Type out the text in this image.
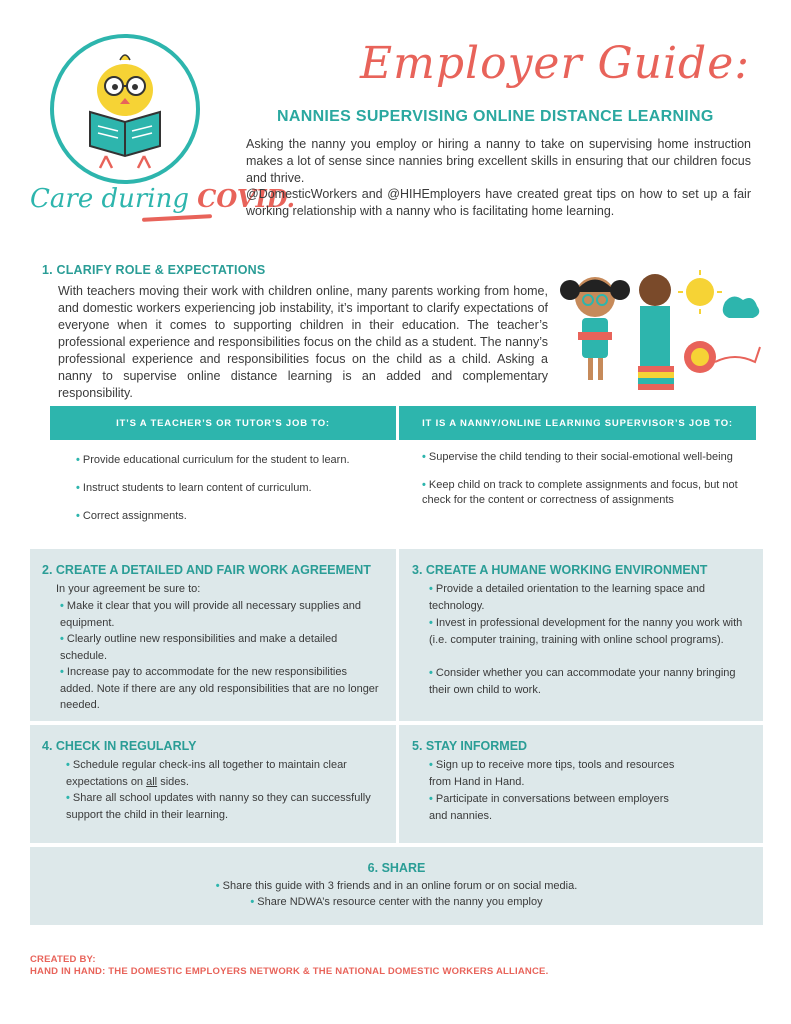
Care during COVID.
Employer Guide:
NANNIES SUPERVISING ONLINE DISTANCE LEARNING
Asking the nanny you employ or hiring a nanny to take on supervising home instruction makes a lot of sense since nannies bring excellent skills in ensuring that our children focus and thrive.
@DomesticWorkers and @HIHEmployers have created great tips on how to set up a fair working relationship with a nanny who is facilitating home learning.
1. CLARIFY ROLE & EXPECTATIONS
With teachers moving their work with children online, many parents working from home, and domestic workers experiencing job instability, it’s important to clarify expectations of everyone when it comes to supporting children in their education. The teacher’s professional experience and responsibilities focus on the child as a student. The nanny’s professional experience and responsibilities focus on the child as a child. Asking a nanny to supervise online distance learning is an added and complementary responsibility.
IT’S A TEACHER’S OR TUTOR’S JOB TO:	IT IS A NANNY/ONLINE LEARNING SUPERVISOR’S JOB TO:
• Provide educational curriculum for the student to learn.
• Instruct students to learn content of curriculum.
• Correct assignments.
• Supervise the child tending to their social-emotional well-being
• Keep child on track to complete assignments and focus, but not check for the content or correctness of assignments
2. CREATE A DETAILED AND FAIR WORK AGREEMENT
In your agreement be sure to:
• Make it clear that you will provide all necessary supplies and equipment.
• Clearly outline new responsibilities and make a detailed schedule.
• Increase pay to accommodate for the new responsibilities added. Note if there are any old responsibilities that are no longer needed.
3. CREATE A HUMANE WORKING ENVIRONMENT
• Provide a detailed orientation to the learning space and technology.
• Invest in professional development for the nanny you work with (i.e. computer training, training with online school programs).
• Consider whether you can accommodate your nanny bringing their own child to work.
4. CHECK IN REGULARLY
• Schedule regular check-ins all together to maintain clear expectations on all sides.
• Share all school updates with nanny so they can successfully support the child in their learning.
5. STAY INFORMED
• Sign up to receive more tips, tools and resources from Hand in Hand.
• Participate in conversations between employers and nannies.
6. SHARE
• Share this guide with 3 friends and in an online forum or on social media.
• Share NDWA’s resource center with the nanny you employ
CREATED BY:
HAND IN HAND: THE DOMESTIC EMPLOYERS NETWORK & THE NATIONAL DOMESTIC WORKERS ALLIANCE.
